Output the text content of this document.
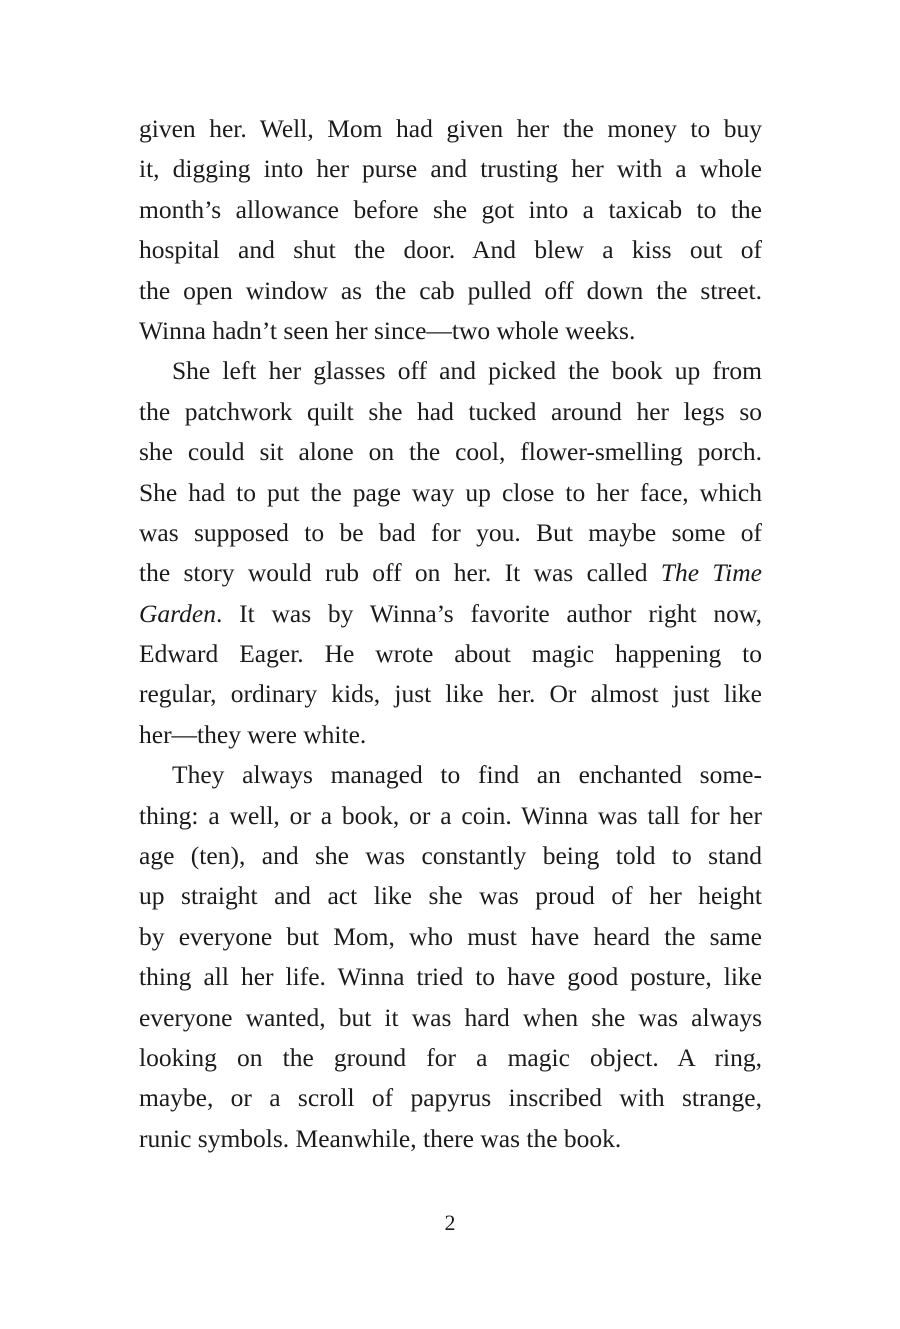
given her. Well, Mom had given her the money to buy
it, digging into her purse and trusting her with a whole
month’s allowance before she got into a taxicab to the
hospital and shut the door. And blew a kiss out of
the open window as the cab pulled off down the street.
Winna hadn’t seen her since—two whole weeks.
She left her glasses off and picked the book up from
the patchwork quilt she had tucked around her legs so
she could sit alone on the cool, flower-smelling porch.
She had to put the page way up close to her face, which
was supposed to be bad for you. But maybe some of
the story would rub off on her. It was called The Time
Garden. It was by Winna’s favorite author right now,
Edward Eager. He wrote about magic happening to
regular, ordinary kids, just like her. Or almost just like
her—they were white.
They always managed to find an enchanted some-
thing: a well, or a book, or a coin. Winna was tall for her
age (ten), and she was constantly being told to stand
up straight and act like she was proud of her height
by everyone but Mom, who must have heard the same
thing all her life. Winna tried to have good posture, like
everyone wanted, but it was hard when she was always
looking on the ground for a magic object. A ring,
maybe, or a scroll of papyrus inscribed with strange,
runic symbols. Meanwhile, there was the book.
2
